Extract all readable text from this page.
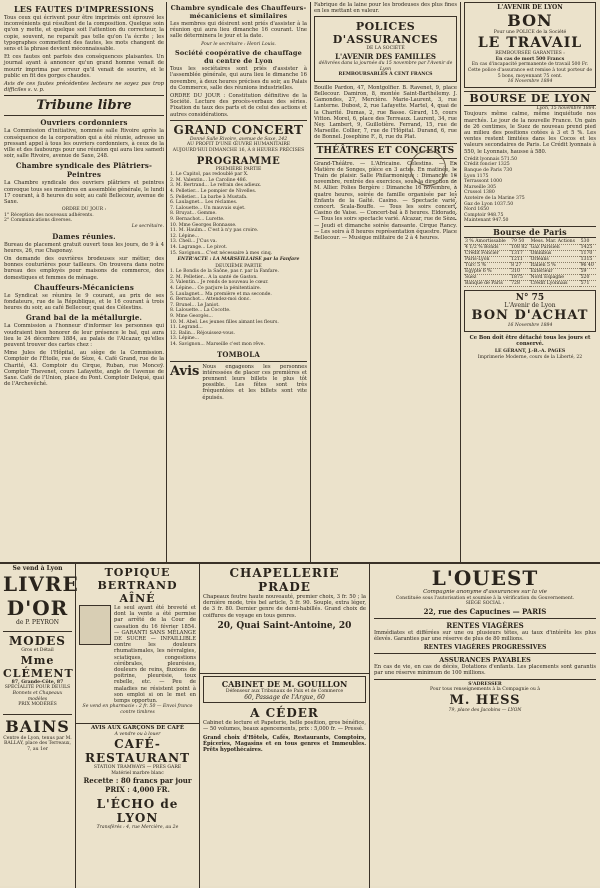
LES FAUTES D'IMPRESSIONS

Tous ceux qui écrivent pour être imprimés ont éprouvé les inconvénients qui résultent de la composition. Quelque soin qu'on y mette, et quelque soit l'attention du correcteur, la copie, souvent, ne reparaît pas telle qu'on l'a écrite ; les typographes commettent des fautes, les mots changent de sens et la phrase devient méconnaissable.

Et ces fautes ont parfois des conséquences plaisantes. Un journal ayant à annoncer qu'un grand homme venait de mourir imprima par erreur qu'il venait de sourire, et le public en fit des gorges chaudes.

Avis de ces fautes précédentes lecteurs ne soyez pas trop difficiles s. v. p.

Tribune libre
Ouvriers cordonniers

La Commission d'initiative, nommée salle Rivoire après la conséquence de la corporation qui a été réunie, adresse un pressant appel à tous les ouvriers cordonniers, à ceux de la ville et des faubourgs pour une réunion qui aura lieu samedi soir, salle Rivoire, avenue de Saxe, 248.

Chambre syndicale des Plâtriers-Peintres

La Chambre syndicale des ouvriers plâtriers et peintres convoque tous ses membres en assemblée générale, le lundi 17 courant, à 8 heures du soir, au café Bellecour, avenue de Saxe.

ORDRE DU JOUR :
1° Réception des nouveaux adhérents.
2° Communications diverses.
Le secrétaire.
Dames réunies.

Bureau de placement gratuit ouvert tous les jours, de 9 à 4 heures, 26, rue Chaponay.

On demande des ouvrières brodeuses sur métier, des bonnes couturières pour tailleurs. On trouvera dans notre bureau des employés pour maisons de commerce, des domestiques et femmes de ménage.

Chauffeurs-Mécaniciens

Le Syndicat se réunira le 9 courant, au prix de ses fondateurs, rue de la République, et le 16 courant à trois heures du soir, au café Bellecour, quai des Célestins.

Grand bal de la métallurgie.

La Commission a l'honneur d'informer les personnes qui voudraient bien honorer de leur présence le bal, qui aura lieu le 24 décembre 1884, au palais de l'Alcazar, qu'elles peuvent trouver des cartes chez :

Mme Jules de l'Hôpital, au siège de la Commission. Comptoir de l'Étoile, rue de Sèze, 4. Café Grand, rue de la Charité, 43. Comptoir du Cirque, Ruban, rue Monceÿ. Comptoir Thevenet, cours Lafayette, angle de l'avenue de Saxe. Café de l'Union, place du Pont. Comptoir Delqué, quai de l'Archevêché.

Chambre syndicale des Chauffeurs-mécaniciens et similaires

Les membres qui désirent sont priés d'assister à la réunion qui aura lieu dimanche 16 courant. Une salle déterminera le jour et la date.

Pour le secrétaire : Henri Louis.
Société coopérative de chauffage du centre de Lyon

Tous les sociétaires sont priés d'assister à l'assemblée générale, qui aura lieu le dimanche 16 novembre, à deux heures précises du soir, au Palais du Commerce, salle des réunions industrielles.

ORDRE DU JOUR : Constitution définitive de la Société. Lecture des procès-verbaux des séries. Fixation du taux des parts et de celui des actions et autres considérations.

GRAND CONCERT
Donné Salle Rivoire, avenue de Saxe, 242
AU PROFIT D'UNE ŒUVRE HUMANITAIRE
AUJOURD'HUI DIMANCHE 16, À 8 HEURES PRÉCISES
PROGRAMME
PREMIÈRE PARTIE
1. Le Capitol, pas redoublé par X.
2. M. Valentin... Le Caroline 486.
3. M. Bertrand... Le refrain des adieux.
4. Pelletier... Le pompier de Nivelles.
5. Pelletier... La barbe à Mustafa.
6. Laulagnet... Les réclames.
7. Lalouette... Un mauvais sujet.
8. Bruyat... Gemme.
9. Bernachot... Lurette.
10. Mme Georges Bonnasse.
11. M. Haulm... C'est à n'y pas croire.
12. Lépine...
13. Cheil... J'Cus va.
14. Lagrange... Le pivot.
15. Savignon... C'est nécessaire à mes cinq.
ENTR'ACTE : LA MARSEILLAISE par la Fanfare
DEUXIÈME PARTIE
1. Le Bondis de la Saône, pas r. par la Fanfare.
2. M. Pelletier... A la santé de Gaston.
3. Valentin... Je rends de nouveau le cœur.
4. Lépine... Ce parjure la pénitentiaire.
5. Laulagnet... Ma première et ma seconde.
6. Bernachot... Attendez-moi donc.
7. Brunel... Le Janiot.
8. Lalouette... La Cocotte.
9. Mme Georgès...
10. M. Abel. Les jeunes filles aimant les fleurs.
11. Legrand...
12. Balin... Réjouissez-vous.
13. Lépine...
14. Savignon... Marseille c'est mon rêve.
TOMBOLA
Avis Nous engageons les personnes intéressées de placer ces premières et prennent leurs billets le plus tôt possible. Les fêtes sont très fréquentées et les billets sont vite épuisés.

Fabrique de la laine pour les brodeuses des plus fines en les mettant en valeur.

POLICES D'ASSURANCES
DE LA SOCIÉTÉ
L'AVENIR DES FAMILLES
délivrées dans la journée du 15 novembre par l'Avenir de Lyon
REMBOURSABLES À CENT FRANCS

Bouille Pardon, 47, Montgolfier. B. Ravenet, 9, place Bellecour. Damiron, 8, montée Saint-Barthélemy. J. Gamondes, 27, Mercière. Marie-Laurent, 3, rue Lanterne. Dubost, 2, rue Lafayette. Martel, 4, quai de la Charité. Dumas, 2, rue Basse. Girard, 15, cours Vitton. Morel, 6, place des Terreaux. Laurent, 34, rue Ney. Lambert, 9, Guillotière. Ferrand, 15, rue de Marseille. Collier, 7, rue de l'Hôpital. Durand, 6, rue de Bonnel. Josephine F., 8, rue du Plat.

THÉÂTRES ET CONCERTS

Grand-Théâtre. — L'Africaine. Célestins. — En Matière de Songes, pièce en 3 actes. En matinée, le Train de plaisir. Salle Philarmonique : Dimanche 16 novembre, rentrée des exercices, sous la direction de M. Allier. Folies Bergère : Dimanche 16 novembre, à quatre heures, soirée de famille organisée par les Enfants de la Gaîté. Casino. — Spectacle varié, concert. Scala-Bouffe. — Tous les soirs concert. Casino de Vaise. — Concert-bal à 8 heures. Eldorado. — Tous les soirs spectacle varié. Alcazar, rue de Sèze. — Jeudi et dimanche soirée dansante. Cirque Rancy. — Les soirs à 8 heures représentation équestre. Place Bellecour. — Musique militaire de 2 à 4 heures.

L'AVENIR DE LYON
BON
Pour une POLICE de la Société
LE TRAVAIL
REMBOURSÉE GARANTIES :
En cas de mort 500 Francs
En cas d'incapacité permanente de travail 500 Fr.
Cette police d'assurance est remise à tout porteur de 5 bons, moyennant 75 cent.
16 Novembre 1884
BOURSE DE LYON
Lyon, 15 novembre 1884.

Toujours même calme, même inquiétude nos marchés. Le jour de la nouvelle France. Un gain de 26 centimes, le Suez de nouveau prend pied au milieu des positions cotées à 3 et 5 %. Les ventes restent limitées dans les Cocos et les valeurs secondaires de Paris. Le Crédit lyonnais à 550, le Lyonnais, hausse à 580.

• Crédit lyonnais 571.50
• Crédit foncier 1325
• Banque de Paris 730
• Lyon 1175
• Terrassont 1000
• Marseille 305
• Crussol 1380
• Azoteire de la Marine 375
• Gaz de Lyon 1037.50
• Nord 1650
• Comptoir 948.75
• Maintenant 947.50
Bourse de Paris
3 % Amortissable	79 50	Mess. Mar. Actions	530
4 1/2 % Bonds	108 82	Gaz Parisien	1425
Crédit Foncier	1317	Omnibus	1170
Paris-Lyon	1211	Orléans	1315
Turc 5 %	8 27	Italien 5 %	96 40
Égypte 6 %	310	Extérieur	59
Suez	1875	Nord Espagne	520
Banque de Paris	728	Crédit Lyonnais	571
N° 75
L'Avenir de Lyon
BON D'ACHAT
16 Novembre 1884

Ce Bon doit être détaché tous les jours et conservé.

LE GÉRANT, J.-B.-A. PAGES
Imprimerie Moderne, cours de la Liberté, 22
Se vend à Lyon
LIVRE D'OR
de P. PEYRON
MODES
Gros et Détail
Mme CLÉMENT
87, Grande-Côte, 87
SPÉCIALITÉ POUR DEUILS
Bonnets et Chapeaux modèles
PRIX MODÉRÉS
BAINS
Centre de Lyon, tenus par M. BALLAY, place des Terreaux, 7, au 1er
TOPIQUE BERTRAND AÎNÉ

Le seul ayant été breveté et dont la vente a été permise par arrêté de la Cour de cassation du 16 février 1854. — GARANTI SANS MÉLANGE DE SUCRE — INFAILLIBLE contre les douleurs rhumatismales, les névralgies, sciatiques, congestions cérébrales, pleurésies, douleurs de reins, fluxions de poitrine, pleurésie, toux rebelle, etc. — Peu de maladies ne résistent point à son emploi si on le met en temps opportun.

Se vend en pharmacie : 2 fr. 50 — Envoi franco contre timbres
AVIS AUX GARÇONS DE CAFÉ
A vendre ou à louer
CAFÉ-RESTAURANT
STATION TRAMWAYS — PRÈS GARE
Matériel marbre blanc
Recette : 80 francs par jour
PRIX : 4,000 FR.
L'ÉCHO de LYON
Transférés : 4, rue Mercière, au 2e
CHAPELLERIE PRADE

Chapeaux feutre haute nouveauté, premier choix, 3 fr. 50 ; la dernière mode, très bel article, 5 fr. 90. Souple, extra léger, de 3 fr. 80. Dernier genre de demi-habillés. Grand choix de coiffures de voyage en tous genres.

20, Quai Saint-Antoine, 20
CABINET DE M. GOUILLON
Défenseur aux Tribunaux de Paix et de Commerce
60, Passage de l'Argue, 60
A CÉDER

Cabinet de lecture et Papeterie, belle position, gros bénéfice, — 50 volumes, beaux agencements, prix : 5,000 fr. — Pressé.

Grand choix d'Hôtels, Cafés, Restaurants, Comptoirs, Épiceries, Magasins et en tous genres et Immeubles. Prêts hypothécaires.

L'OUEST
Compagnie anonyme d'assurances sur la vie
Constituée sous l'autorisation et soumise à la vérification du Gouvernement.
SIÈGE SOCIAL :
22, rue des Capucines — PARIS
RENTES VIAGÈRES

Immédiates et différées sur une ou plusieurs têtes, au taux d'intérêts les plus élevés. Garanties par une réserve de plus de 80 millions.

RENTES VIAGÈRES PROGRESSIVES
ASSURANCES PAYABLES

En cas de vie, en cas de décès, Dotations d'enfants. Les placements sont garantis par une réserve minimum de 100 millions.

S'ADRESSER
Pour tous renseignements à la Compagnie ou à
M. HESS
79, place des Jacobins — LYON
